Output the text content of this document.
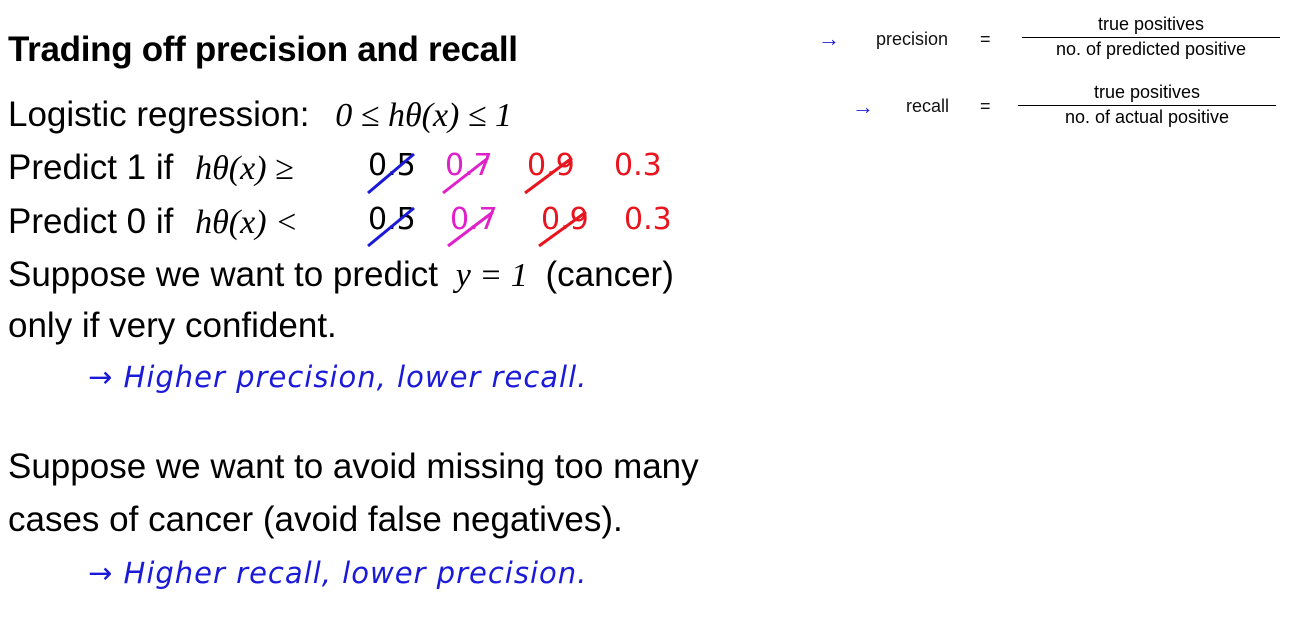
Trading off precision and recall	→ precision =
true positives
no. of predicted positive
→ recall =
true positives
no. of actual positive
Logistic regression: 0 ≤ hθ(x) ≤ 1
Predict 1 if hθ(x) ≥ 0.5 0.7 0.9 0.3
Predict 0 if hθ(x) < 0.5 0.7 0.9 0.3
Suppose we want to predict y = 1 (cancer)
only if very confident.
→ Higher precision, lower recall.
Suppose we want to avoid missing too many
cases of cancer (avoid false negatives).
→ Higher recall, lower precision.
